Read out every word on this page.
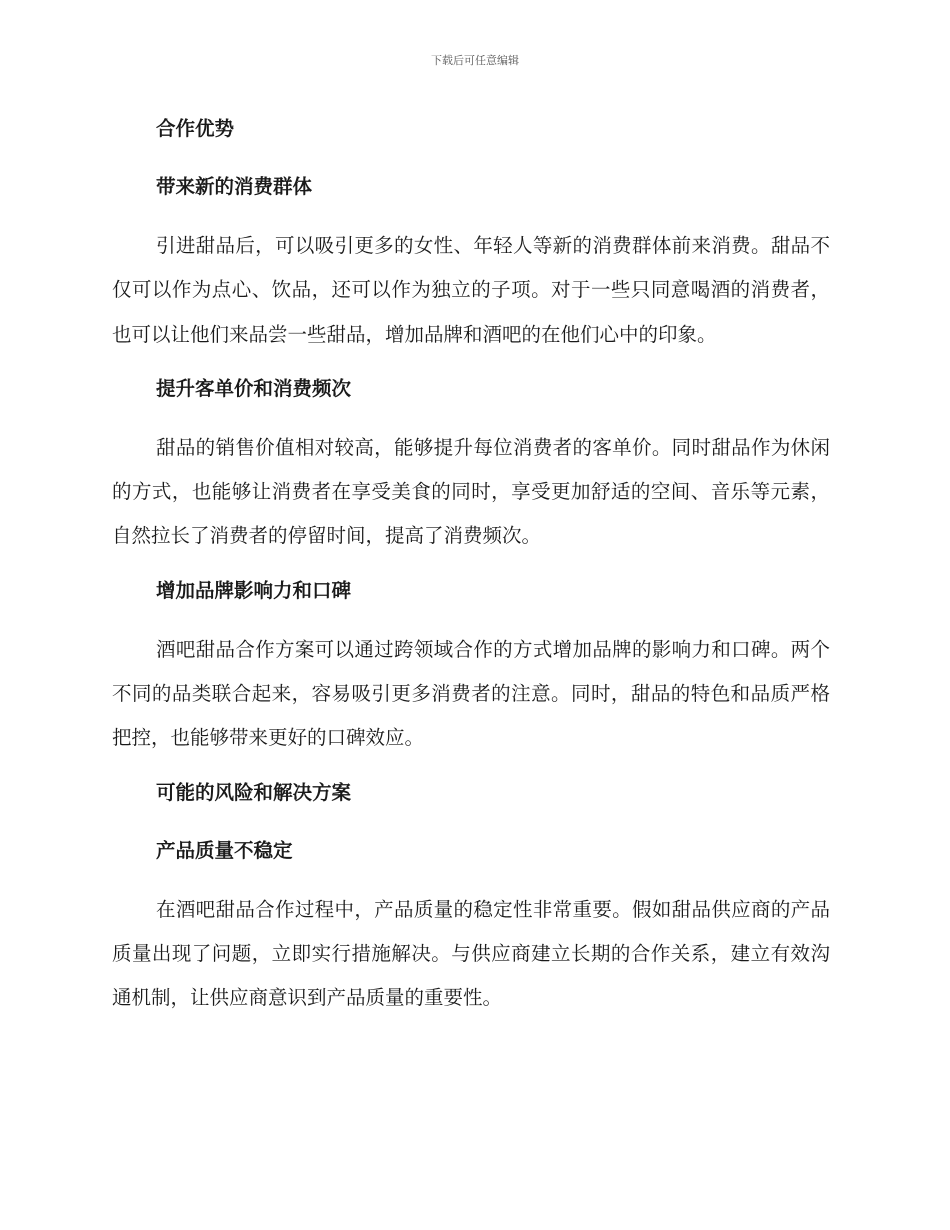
下载后可任意编辑
合作优势
带来新的消费群体

引进甜品后，可以吸引更多的女性、年轻人等新的消费群体前来消费。甜品不仅可以作为点心、饮品，还可以作为独立的子项。对于一些只同意喝酒的消费者，也可以让他们来品尝一些甜品，增加品牌和酒吧的在他们心中的印象。

提升客单价和消费频次

甜品的销售价值相对较高，能够提升每位消费者的客单价。同时甜品作为休闲的方式，也能够让消费者在享受美食的同时，享受更加舒适的空间、音乐等元素，自然拉长了消费者的停留时间，提高了消费频次。

增加品牌影响力和口碑

酒吧甜品合作方案可以通过跨领域合作的方式增加品牌的影响力和口碑。两个不同的品类联合起来，容易吸引更多消费者的注意。同时，甜品的特色和品质严格把控，也能够带来更好的口碑效应。

可能的风险和解决方案
产品质量不稳定

在酒吧甜品合作过程中，产品质量的稳定性非常重要。假如甜品供应商的产品质量出现了问题，立即实行措施解决。与供应商建立长期的合作关系，建立有效沟通机制，让供应商意识到产品质量的重要性。
